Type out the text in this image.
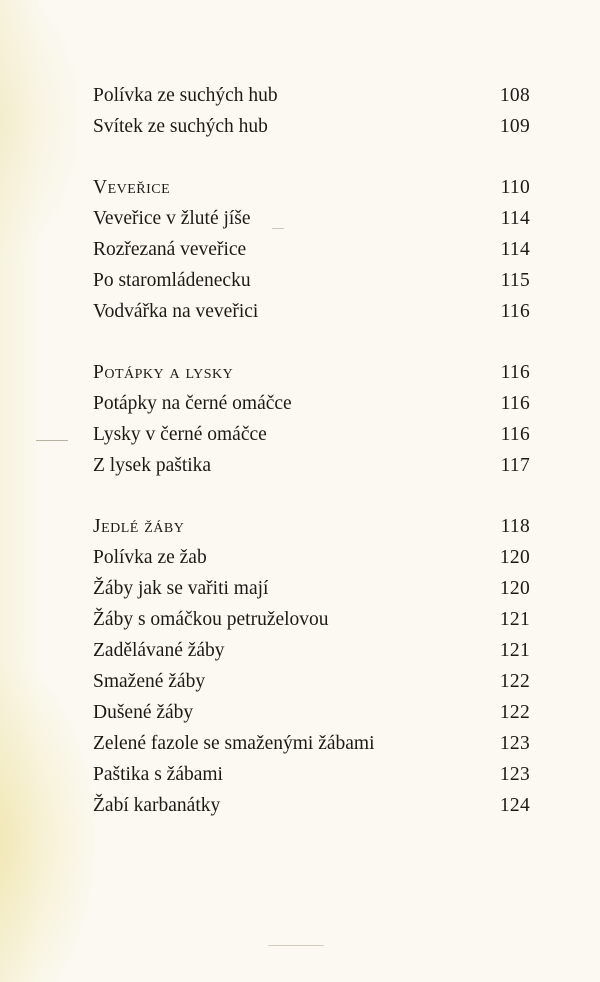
Polívka ze suchých hub	108
Svítek ze suchých hub	109
Veveřice	110
Veveřice v žluté jíše	114
Rozřezaná veveřice	114
Po staromládenecku	115
Vodvářka na veveřici	116
Potápky a lysky	116
Potápky na černé omáčce	116
Lysky v černé omáčce	116
Z lysek paštika	117
Jedlé žáby	118
Polívka ze žab	120
Žáby jak se vařiti mají	120
Žáby s omáčkou petruželovou	121
Zadělávané žáby	121
Smažené žáby	122
Dušené žáby	122
Zelené fazole se smaženými žábami	123
Paštika s žábami	123
Žabí karbanátky	124
